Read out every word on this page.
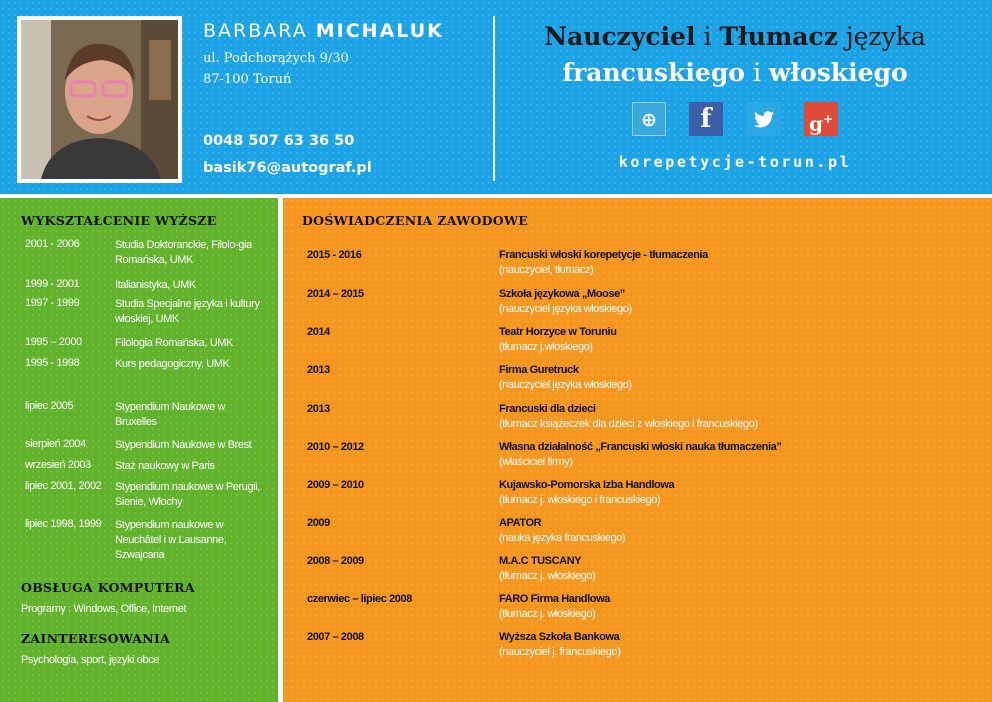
BARBARA MICHALUK
ul. Podchorążych 9/30
87-100 Toruń
0048 507 63 36 50
basik76@autograf.pl
Nauczyciel i Tłumacz języka
francuskiego i włoskiego
⊕	f	g+
korepetycje-torun.pl
WYKSZTAŁCENIE WYŻSZE
2001 - 2006	Studia Doktoranckie, Filolo-gia Romańska, UMK
1999 - 2001	Italianistyka, UMK
1997 - 1999	Studia Specjalne języka i kultury włoskiej, UMK
1995 – 2000	Filologia Romańska, UMK
1995 - 1998	Kurs pedagogiczny, UMK
lipiec 2005	Stypendium Naukowe w Bruxelles
sierpień 2004	Stypendium Naukowe w Brest
wrzesień 2003 Staż naukowy w Paris
lipiec 2001, 2002 Stypendium naukowe w Perugii, Sienie, Włochy
lipiec 1998, 1999 Stypendium naukowe w Neuchâtel i w Lausanne, Szwajcaria
OBSŁUGA KOMPUTERA
Programy : Windows, Office, Internet
ZAINTERESOWANIA
Psychologia, sport, języki obce
DOŚWIADCZENIA ZAWODOWE
2015 - 2016	Francuski włoski korepetycje - tłumaczenia
(nauczyciel, tłumacz)
2014 – 2015	Szkoła językowa „Moose”
(nauczyciel języka włoskiego)
2014	Teatr Horzyce w Toruniu
(tłumacz j.włoskiego)
2013	Firma Guretruck
(nauczyciel języka włoskiego)
2013	Francuski dla dzieci
(tłumacz książeczek dla dzieci z włoskiego i francuskiego)
2010 – 2012	Własna działalność „Francuski włoski nauka tłumaczenia”
(właściciel firmy)
2009 – 2010	Kujawsko-Pomorska Izba Handlowa
(tłumacz j. włoskiego i francuskiego)
2009	APATOR
(nauka języka francuskiego)
2008 – 2009	M.A.C TUSCANY
(tłumacz j. włoskiego)
czerwiec – lipiec 2008	FARO Firma Handlowa
(tłumacz j. włoskiego)
2007 – 2008	Wyższa Szkoła Bankowa
(nauczyciel j. francuskiego)
